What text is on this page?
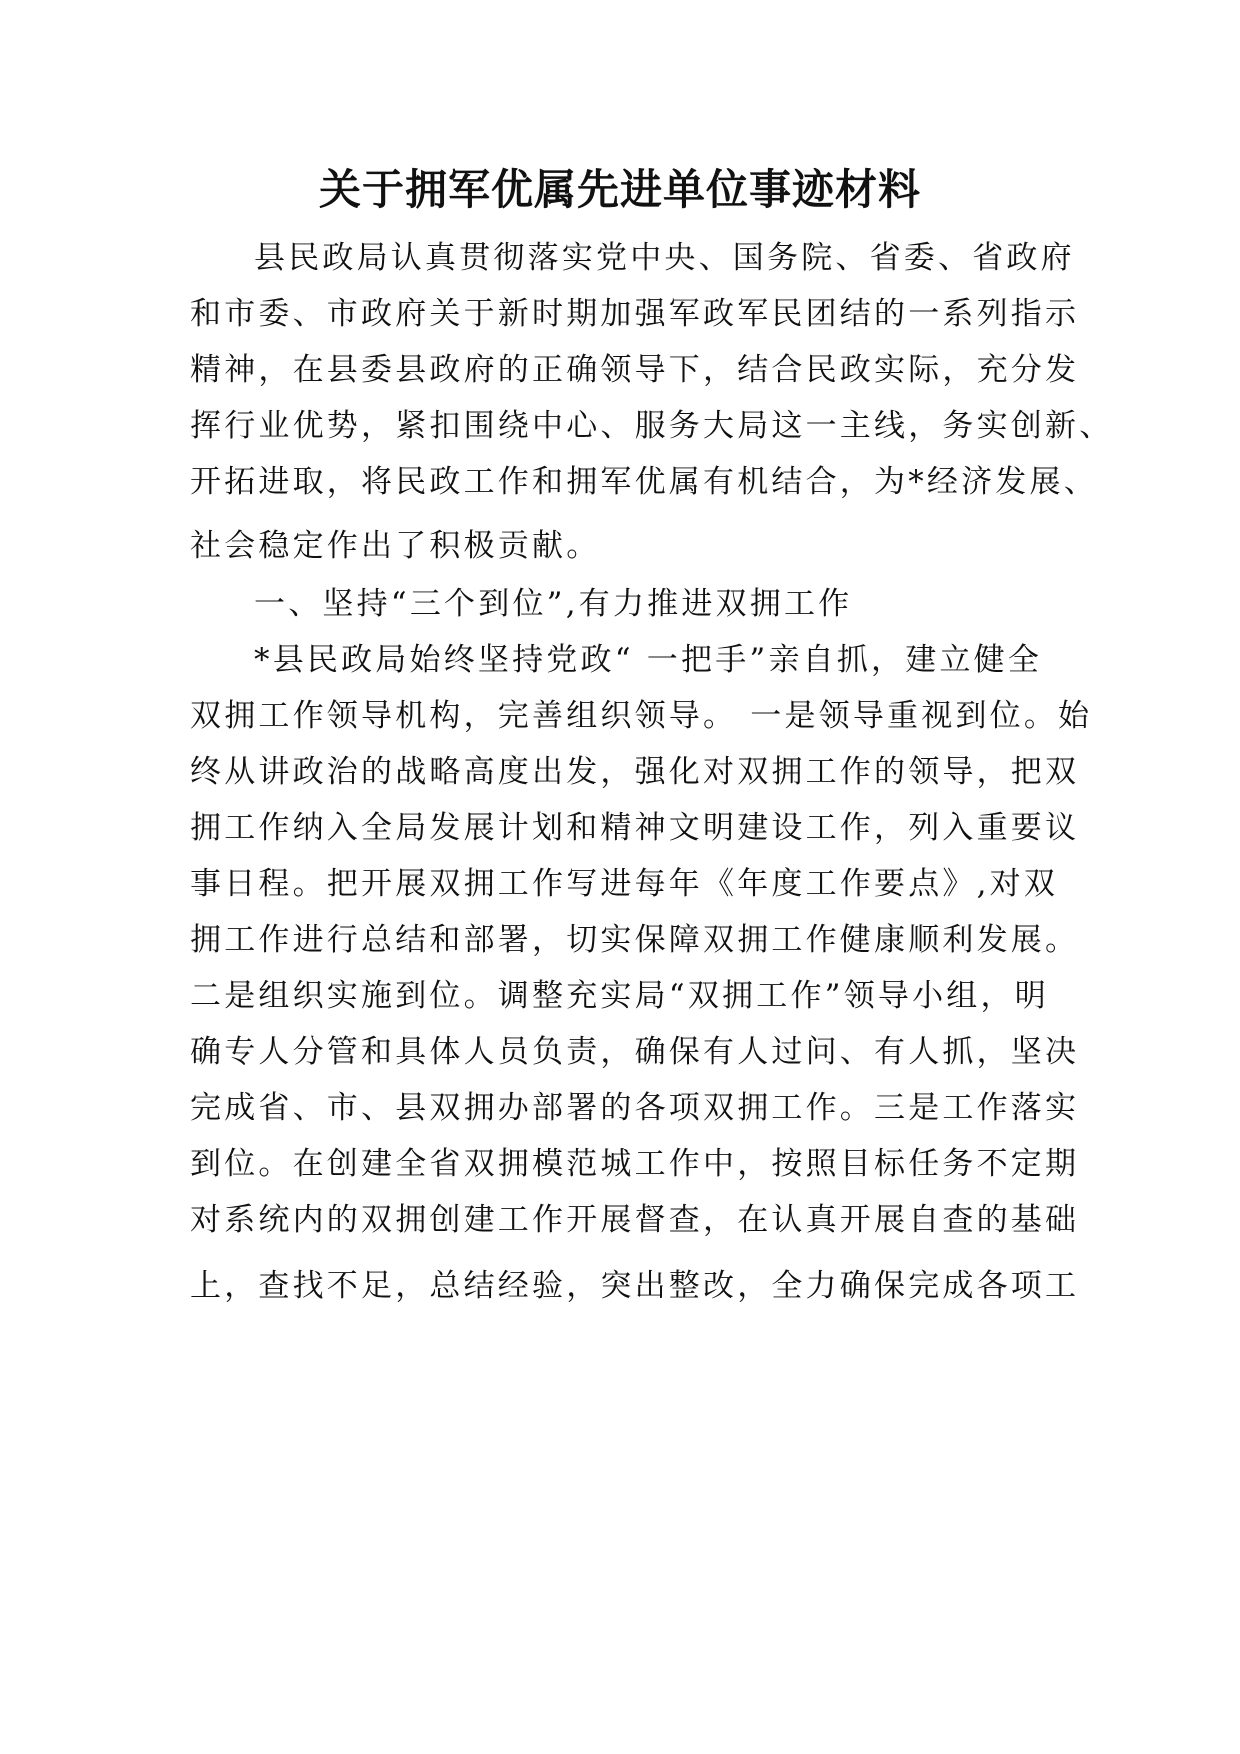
关于拥军优属先进单位事迹材料

县民政局认真贯彻落实党中央、国务院、省委、省政府

和市委、市政府关于新时期加强军政军民团结的一系列指示

精神，在县委县政府的正确领导下，结合民政实际，充分发

挥行业优势，紧扣围绕中心、服务大局这一主线，务实创新、

开拓进取，将民政工作和拥军优属有机结合，为*经济发展、

社会稳定作出了积极贡献。

一、坚持“三个到位”,有力推进双拥工作

*县民政局始终坚持党政“ 一把手”亲自抓，建立健全

双拥工作领导机构，完善组织领导。 一是领导重视到位。始

终从讲政治的战略高度出发，强化对双拥工作的领导，把双

拥工作纳入全局发展计划和精神文明建设工作，列入重要议

事日程。把开展双拥工作写进每年《年度工作要点》,对双

拥工作进行总结和部署，切实保障双拥工作健康顺利发展。

二是组织实施到位。调整充实局“双拥工作”领导小组，明

确专人分管和具体人员负责，确保有人过问、有人抓，坚决

完成省、市、县双拥办部署的各项双拥工作。三是工作落实

到位。在创建全省双拥模范城工作中，按照目标任务不定期

对系统内的双拥创建工作开展督查，在认真开展自查的基础

上，查找不足，总结经验，突出整改，全力确保完成各项工
